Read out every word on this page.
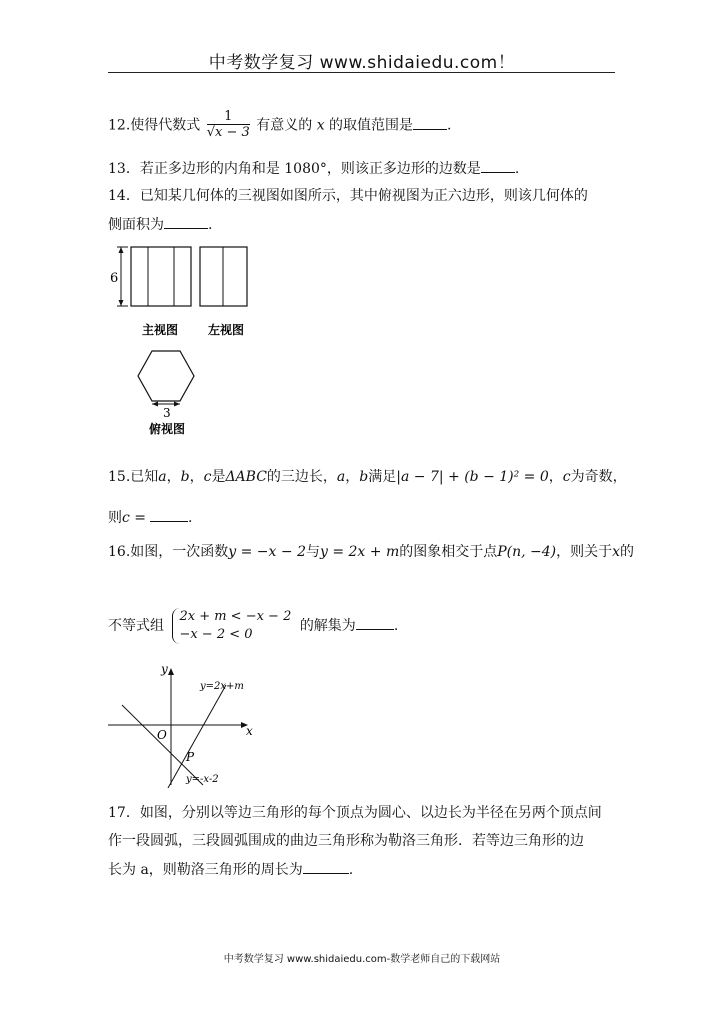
中考数学复习 www.shidaiedu.com！
12.使得代数式 $\frac{1}{√x - 3}$ 有意义的 x 的取值范围是 .
13．若正多边形的内角和是 1080°，则该正多边形的边数是 .
14．已知某几何体的三视图如图所示，其中俯视图为正六边形，则该几何体的
侧面积为	.
6
主视图 左视图
3
俯视图
15.已知a，b，c是ΔABC的三边长，a，b满足|a − 7| + (b − 1)² = 0，c为奇数，
则c =	.
16.如图，一次函数y = −x − 2与y = 2x + m的图象相交于点P(n, −4)，则关于x的
不等式组
2x + m < −x − 2
−x − 2 < 0
的解集为	.
y
x
O
y=2x+m
y=-x-2
P
17．如图，分别以等边三角形的每个顶点为圆心、以边长为半径在另两个顶点间
作一段圆弧，三段圆弧围成的曲边三角形称为勒洛三角形．若等边三角形的边
长为 a，则勒洛三角形的周长为	.
中考数学复习 www.shidaiedu.com-数学老师自己的下载网站
